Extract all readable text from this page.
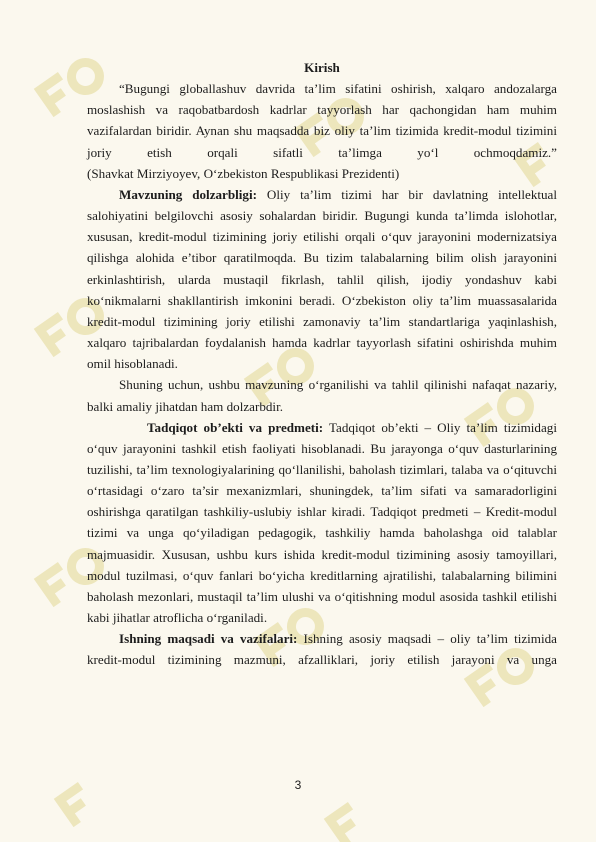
Kirish

“Bugungi globallashuv davrida ta’lim sifatini oshirish, xalqaro andozalarga moslashish va raqobatbardosh kadrlar tayyorlash har qachongidan ham muhim vazifalardan biridir. Aynan shu maqsadda biz oliy ta’lim tizimida kredit-modul tizimini joriy etish orqali sifatli ta’limga yo‘l ochmoqdamiz.”

(Shavkat Mirziyoyev, O‘zbekiston Respublikasi Prezidenti)

Mavzuning dolzarbligi: Oliy ta’lim tizimi har bir davlatning intellektual salohiyatini belgilovchi asosiy sohalardan biridir. Bugungi kunda ta’limda islohotlar, xususan, kredit-modul tizimining joriy etilishi orqali o‘quv jarayonini modernizatsiya qilishga alohida e’tibor qaratilmoqda. Bu tizim talabalarning bilim olish jarayonini erkinlashtirish, ularda mustaqil fikrlash, tahlil qilish, ijodiy yondashuv kabi ko‘nikmalarni shakllantirish imkonini beradi. O‘zbekiston oliy ta’lim muassasalarida kredit-modul tizimining joriy etilishi zamonaviy ta’lim standartlariga yaqinlashish, xalqaro tajribalardan foydalanish hamda kadrlar tayyorlash sifatini oshirishda muhim omil hisoblanadi.

Shuning uchun, ushbu mavzuning o‘rganilishi va tahlil qilinishi nafaqat nazariy, balki amaliy jihatdan ham dolzarbdir.

Tadqiqot ob’ekti va predmeti: Tadqiqot ob’ekti – Oliy ta’lim tizimidagi o‘quv jarayonini tashkil etish faoliyati hisoblanadi. Bu jarayonga o‘quv dasturlarining tuzilishi, ta’lim texnologiyalarining qo‘llanilishi, baholash tizimlari, talaba va o‘qituvchi o‘rtasidagi o‘zaro ta’sir mexanizmlari, shuningdek, ta’lim sifati va samaradorligini oshirishga qaratilgan tashkiliy-uslubiy ishlar kiradi. Tadqiqot predmeti – Kredit-modul tizimi va unga qo‘yiladigan pedagogik, tashkiliy hamda baholashga oid talablar majmuasidir. Xususan, ushbu kurs ishida kredit-modul tizimining asosiy tamoyillari, modul tuzilmasi, o‘quv fanlari bo‘yicha kreditlarning ajratilishi, talabalarning bilimini baholash mezonlari, mustaqil ta’lim ulushi va o‘qitishning modul asosida tashkil etilishi kabi jihatlar atroflicha o‘rganiladi.

Ishning maqsadi va vazifalari: Ishning asosiy maqsadi – oliy ta’lim tizimida kredit-modul tizimining mazmuni, afzalliklari, joriy etilish jarayoni va unga

3
